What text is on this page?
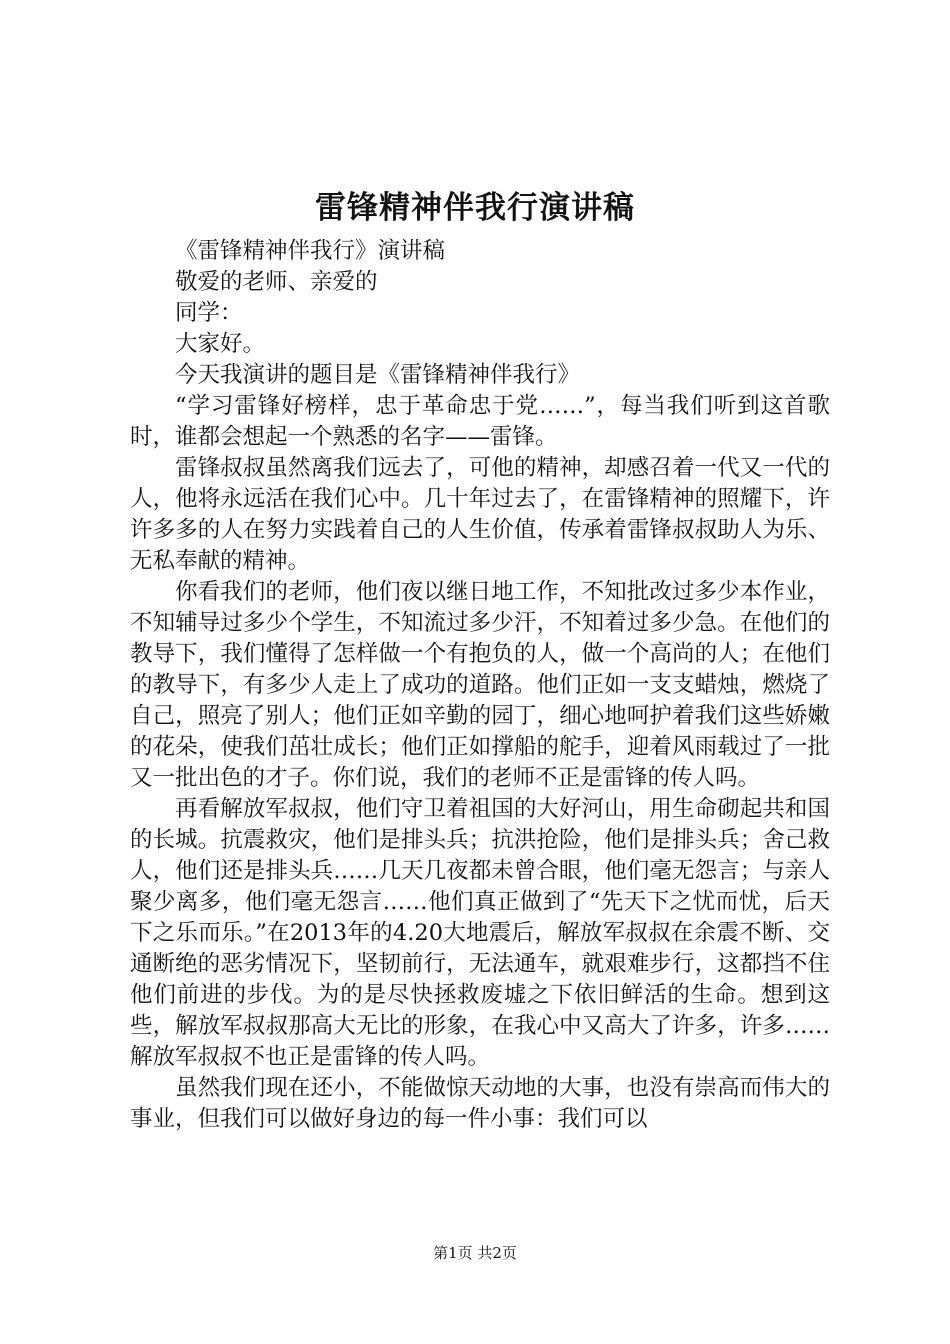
雷锋精神伴我行演讲稿

《雷锋精神伴我行》演讲稿

敬爱的老师、亲爱的

同学：

大家好。

今天我演讲的题目是《雷锋精神伴我行》

“学习雷锋好榜样，忠于革命忠于党……”，每当我们听到这首歌时，谁都会想起一个熟悉的名字——雷锋。

雷锋叔叔虽然离我们远去了，可他的精神，却感召着一代又一代的人，他将永远活在我们心中。几十年过去了，在雷锋精神的照耀下，许许多多的人在努力实践着自己的人生价值，传承着雷锋叔叔助人为乐、无私奉献的精神。

你看我们的老师，他们夜以继日地工作，不知批改过多少本作业，不知辅导过多少个学生，不知流过多少汗，不知着过多少急。在他们的教导下，我们懂得了怎样做一个有抱负的人，做一个高尚的人；在他们的教导下，有多少人走上了成功的道路。他们正如一支支蜡烛，燃烧了自己，照亮了别人；他们正如辛勤的园丁，细心地呵护着我们这些娇嫩的花朵，使我们茁壮成长；他们正如撑船的舵手，迎着风雨载过了一批又一批出色的才子。你们说，我们的老师不正是雷锋的传人吗。

再看解放军叔叔，他们守卫着祖国的大好河山，用生命砌起共和国的长城。抗震救灾，他们是排头兵；抗洪抢险，他们是排头兵；舍己救人，他们还是排头兵……几天几夜都未曾合眼，他们毫无怨言；与亲人聚少离多，他们毫无怨言……他们真正做到了“先天下之忧而忧，后天下之乐而乐。”在2013年的4.20大地震后，解放军叔叔在余震不断、交通断绝的恶劣情况下，坚韧前行，无法通车，就艰难步行，这都挡不住他们前进的步伐。为的是尽快拯救废墟之下依旧鲜活的生命。想到这些，解放军叔叔那高大无比的形象，在我心中又高大了许多，许多……解放军叔叔不也正是雷锋的传人吗。

虽然我们现在还小，不能做惊天动地的大事，也没有崇高而伟大的事业，但我们可以做好身边的每一件小事：我们可以

第1页 共2页
